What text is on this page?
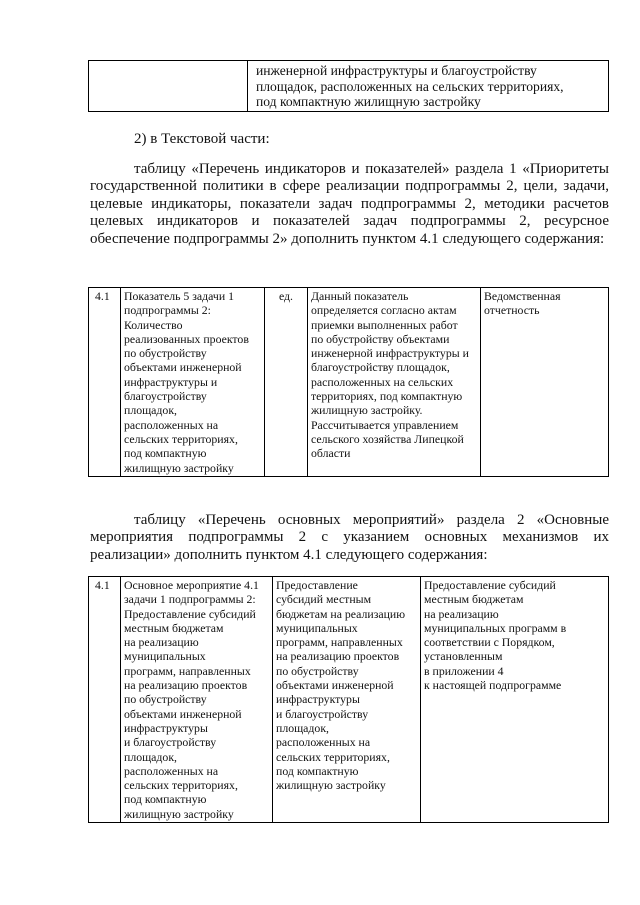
	инженерной инфраструктуры и благоустройству
площадок, расположенных на сельских территориях,
под компактную жилищную застройку
2) в Текстовой части:
таблицу «Перечень индикаторов и показателей» раздела 1 «Приоритеты государственной политики в сфере реализации подпрограммы 2, цели, задачи, целевые индикаторы, показатели задач подпрограммы 2, методики расчетов целевых индикаторов и показателей задач подпрограммы 2, ресурсное обеспечение подпрограммы 2» дополнить пунктом 4.1 следующего содержания:
4.1	Показатель 5 задачи 1
подпрограммы 2:
Количество
реализованных проектов
по обустройству
объектами инженерной
инфраструктуры и
благоустройству
площадок,
расположенных на
сельских территориях,
под компактную
жилищную застройку	ед.	Данный показатель
определяется согласно актам
приемки выполненных работ
по обустройству объектами
инженерной инфраструктуры и
благоустройству площадок,
расположенных на сельских
территориях, под компактную
жилищную застройку.
Рассчитывается управлением
сельского хозяйства Липецкой
области	Ведомственная
отчетность
таблицу «Перечень основных мероприятий» раздела 2 «Основные мероприятия подпрограммы 2 с указанием основных механизмов их реализации» дополнить пунктом 4.1 следующего содержания:
4.1	Основное мероприятие 4.1
задачи 1 подпрограммы 2:
Предоставление субсидий
местным бюджетам
на реализацию
муниципальных
программ, направленных
на реализацию проектов
по обустройству
объектами инженерной
инфраструктуры
и благоустройству
площадок,
расположенных на
сельских территориях,
под компактную
жилищную застройку	Предоставление
субсидий местным
бюджетам на реализацию
муниципальных
программ, направленных
на реализацию проектов
по обустройству
объектами инженерной
инфраструктуры
и благоустройству
площадок,
расположенных на
сельских территориях,
под компактную
жилищную застройку	Предоставление субсидий
местным бюджетам
на реализацию
муниципальных программ в
соответствии с Порядком,
установленным
в приложении 4
к настоящей подпрограмме
